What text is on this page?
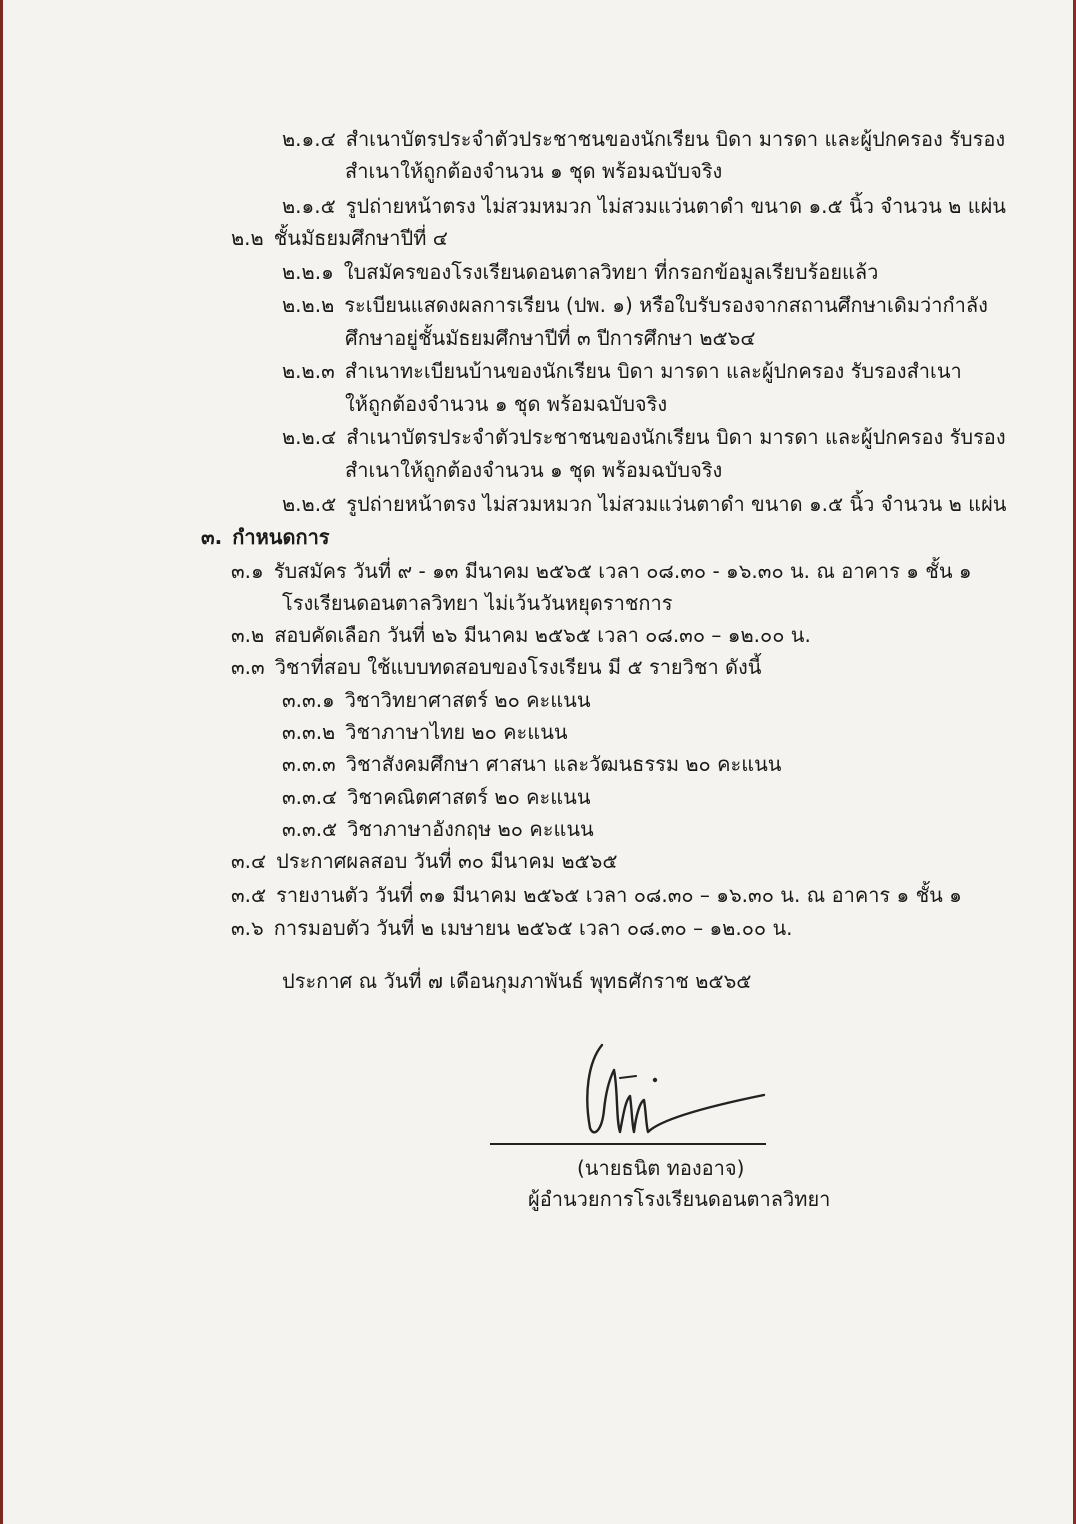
๒.๑.๔ สำเนาบัตรประจำตัวประชาชนของนักเรียน บิดา มารดา และผู้ปกครอง รับรอง
สำเนาให้ถูกต้องจำนวน ๑ ชุด พร้อมฉบับจริง
๒.๑.๕ รูปถ่ายหน้าตรง ไม่สวมหมวก ไม่สวมแว่นตาดำ ขนาด ๑.๕ นิ้ว จำนวน ๒ แผ่น
๒.๒ ชั้นมัธยมศึกษาปีที่ ๔
๒.๒.๑ ใบสมัครของโรงเรียนดอนตาลวิทยา ที่กรอกข้อมูลเรียบร้อยแล้ว
๒.๒.๒ ระเบียนแสดงผลการเรียน (ปพ. ๑) หรือใบรับรองจากสถานศึกษาเดิมว่ากำลัง
ศึกษาอยู่ชั้นมัธยมศึกษาปีที่ ๓ ปีการศึกษา ๒๕๖๔
๒.๒.๓ สำเนาทะเบียนบ้านของนักเรียน บิดา มารดา และผู้ปกครอง รับรองสำเนา
ให้ถูกต้องจำนวน ๑ ชุด พร้อมฉบับจริง
๒.๒.๔ สำเนาบัตรประจำตัวประชาชนของนักเรียน บิดา มารดา และผู้ปกครอง รับรอง
สำเนาให้ถูกต้องจำนวน ๑ ชุด พร้อมฉบับจริง
๒.๒.๕ รูปถ่ายหน้าตรง ไม่สวมหมวก ไม่สวมแว่นตาดำ ขนาด ๑.๕ นิ้ว จำนวน ๒ แผ่น
๓. กำหนดการ
๓.๑ รับสมัคร วันที่ ๙ - ๑๓ มีนาคม ๒๕๖๕ เวลา ๐๘.๓๐ - ๑๖.๓๐ น. ณ อาคาร ๑ ชั้น ๑
โรงเรียนดอนตาลวิทยา ไม่เว้นวันหยุดราชการ
๓.๒ สอบคัดเลือก วันที่ ๒๖ มีนาคม ๒๕๖๕ เวลา ๐๘.๓๐ – ๑๒.๐๐ น.
๓.๓ วิชาที่สอบ ใช้แบบทดสอบของโรงเรียน มี ๕ รายวิชา ดังนี้
๓.๓.๑ วิชาวิทยาศาสตร์ ๒๐ คะแนน
๓.๓.๒ วิชาภาษาไทย ๒๐ คะแนน
๓.๓.๓ วิชาสังคมศึกษา ศาสนา และวัฒนธรรม ๒๐ คะแนน
๓.๓.๔ วิชาคณิตศาสตร์ ๒๐ คะแนน
๓.๓.๕ วิชาภาษาอังกฤษ ๒๐ คะแนน
๓.๔ ประกาศผลสอบ วันที่ ๓๐ มีนาคม ๒๕๖๕
๓.๕ รายงานตัว วันที่ ๓๑ มีนาคม ๒๕๖๕ เวลา ๐๘.๓๐ – ๑๖.๓๐ น. ณ อาคาร ๑ ชั้น ๑
๓.๖ การมอบตัว วันที่ ๒ เมษายน ๒๕๖๕ เวลา ๐๘.๓๐ – ๑๒.๐๐ น.
ประกาศ ณ วันที่ ๗ เดือนกุมภาพันธ์ พุทธศักราช ๒๕๖๕
(นายธนิต ทองอาจ)
ผู้อำนวยการโรงเรียนดอนตาลวิทยา
